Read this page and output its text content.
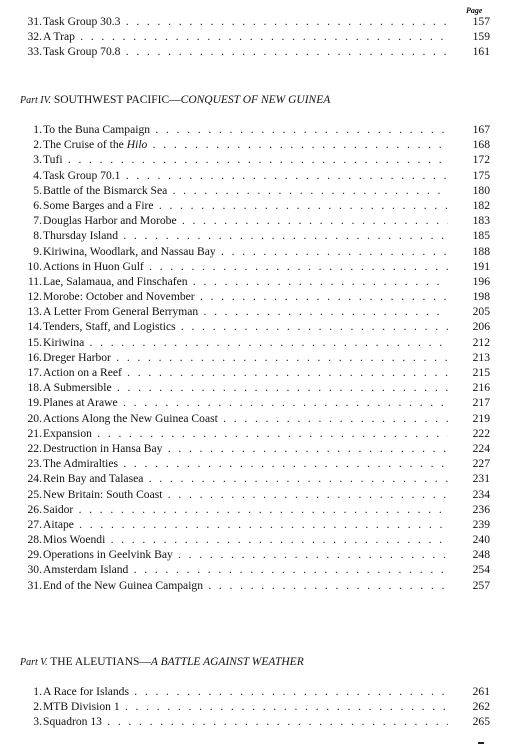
Page
31. Task Group 30.3 . . .	157
32. A Trap . . .	159
33. Task Group 70.8 . . .	161
Part IV. SOUTHWEST PACIFIC—CONQUEST OF NEW GUINEA
1. To the Buna Campaign . . .	167
2. The Cruise of the Hilo . . .	168
3. Tufi . . .	172
4. Task Group 70.1 . . .	175
5. Battle of the Bismarck Sea . . .	180
6. Some Barges and a Fire . . .	182
7. Douglas Harbor and Morobe . . .	183
8. Thursday Island . . .	185
9. Kiriwina, Woodlark, and Nassau Bay . . .	188
10. Actions in Huon Gulf . . .	191
11. Lae, Salamaua, and Finschafen . . .	196
12. Morobe: October and November . . .	198
13. A Letter From General Berryman . . .	205
14. Tenders, Staff, and Logistics . . .	206
15. Kiriwina . . .	212
16. Dreger Harbor . . .	213
17. Action on a Reef . . .	215
18. A Submersible . . .	216
19. Planes at Arawe . . .	217
20. Actions Along the New Guinea Coast . . .	219
21. Expansion . . .	222
22. Destruction in Hansa Bay . . .	224
23. The Admiralties . . .	227
24. Rein Bay and Talasea . . .	231
25. New Britain: South Coast . . .	234
26. Saidor . . .	236
27. Aitape . . .	239
28. Mios Woendi . . .	240
29. Operations in Geelvink Bay . . .	248
30. Amsterdam Island . . .	254
31. End of the New Guinea Campaign . . .	257
Part V. THE ALEUTIANS—A BATTLE AGAINST WEATHER
1. A Race for Islands . . .	261
2. MTB Division 1 . . .	262
3. Squadron 13 . . .	265
